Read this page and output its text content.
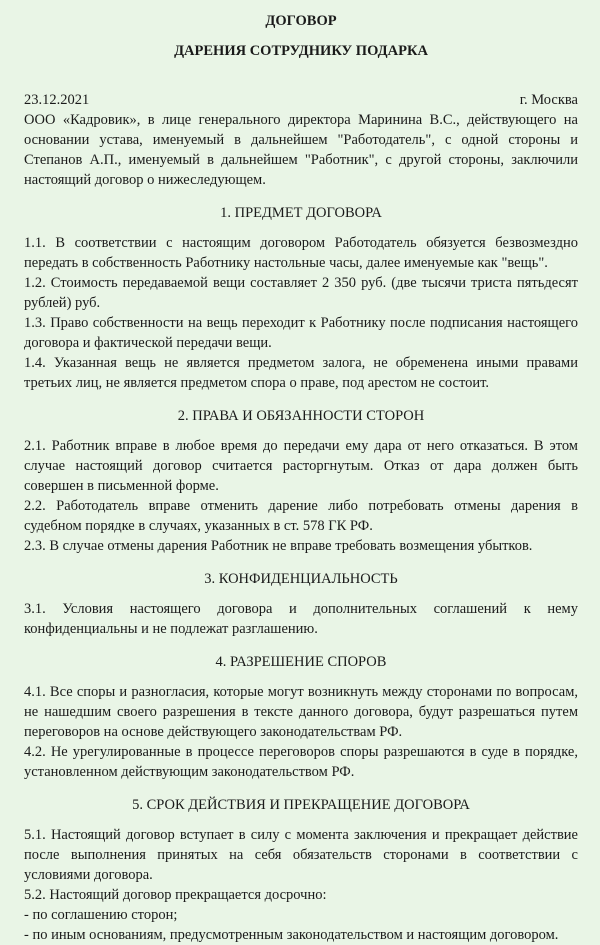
ДОГОВОР
ДАРЕНИЯ СОТРУДНИКУ ПОДАРКА
23.12.2021	г. Москва

ООО «Кадровик», в лице генерального директора Маринина В.С., действующего на основании устава, именуемый в дальнейшем "Работодатель", с одной стороны и Степанов А.П., именуемый в дальнейшем "Работник", с другой стороны, заключили настоящий договор о нижеследующем.

1. ПРЕДМЕТ ДОГОВОРА

1.1. В соответствии с настоящим договором Работодатель обязуется безвозмездно передать в собственность Работнику настольные часы, далее именуемые как "вещь".

1.2. Стоимость передаваемой вещи составляет 2 350 руб. (две тысячи триста пятьдесят рублей) руб.

1.3. Право собственности на вещь переходит к Работнику после подписания настоящего договора и фактической передачи вещи.

1.4. Указанная вещь не является предметом залога, не обременена иными правами третьих лиц, не является предметом спора о праве, под арестом не состоит.

2. ПРАВА И ОБЯЗАННОСТИ СТОРОН

2.1. Работник вправе в любое время до передачи ему дара от него отказаться. В этом случае настоящий договор считается расторгнутым. Отказ от дара должен быть совершен в письменной форме.

2.2. Работодатель вправе отменить дарение либо потребовать отмены дарения в судебном порядке в случаях, указанных в ст. 578 ГК РФ.

2.3. В случае отмены дарения Работник не вправе требовать возмещения убытков.

3. КОНФИДЕНЦИАЛЬНОСТЬ

3.1. Условия настоящего договора и дополнительных соглашений к нему конфиденциальны и не подлежат разглашению.

4. РАЗРЕШЕНИЕ СПОРОВ

4.1. Все споры и разногласия, которые могут возникнуть между сторонами по вопросам, не нашедшим своего разрешения в тексте данного договора, будут разрешаться путем переговоров на основе действующего законодательствам РФ.

4.2. Не урегулированные в процессе переговоров споры разрешаются в суде в порядке, установленном действующим законодательством РФ.

5. СРОК ДЕЙСТВИЯ И ПРЕКРАЩЕНИЕ ДОГОВОРА

5.1. Настоящий договор вступает в силу с момента заключения и прекращает действие после выполнения принятых на себя обязательств сторонами в соответствии с условиями договора.

5.2. Настоящий договор прекращается досрочно:

- по соглашению сторон;

- по иным основаниям, предусмотренным законодательством и настоящим договором.
